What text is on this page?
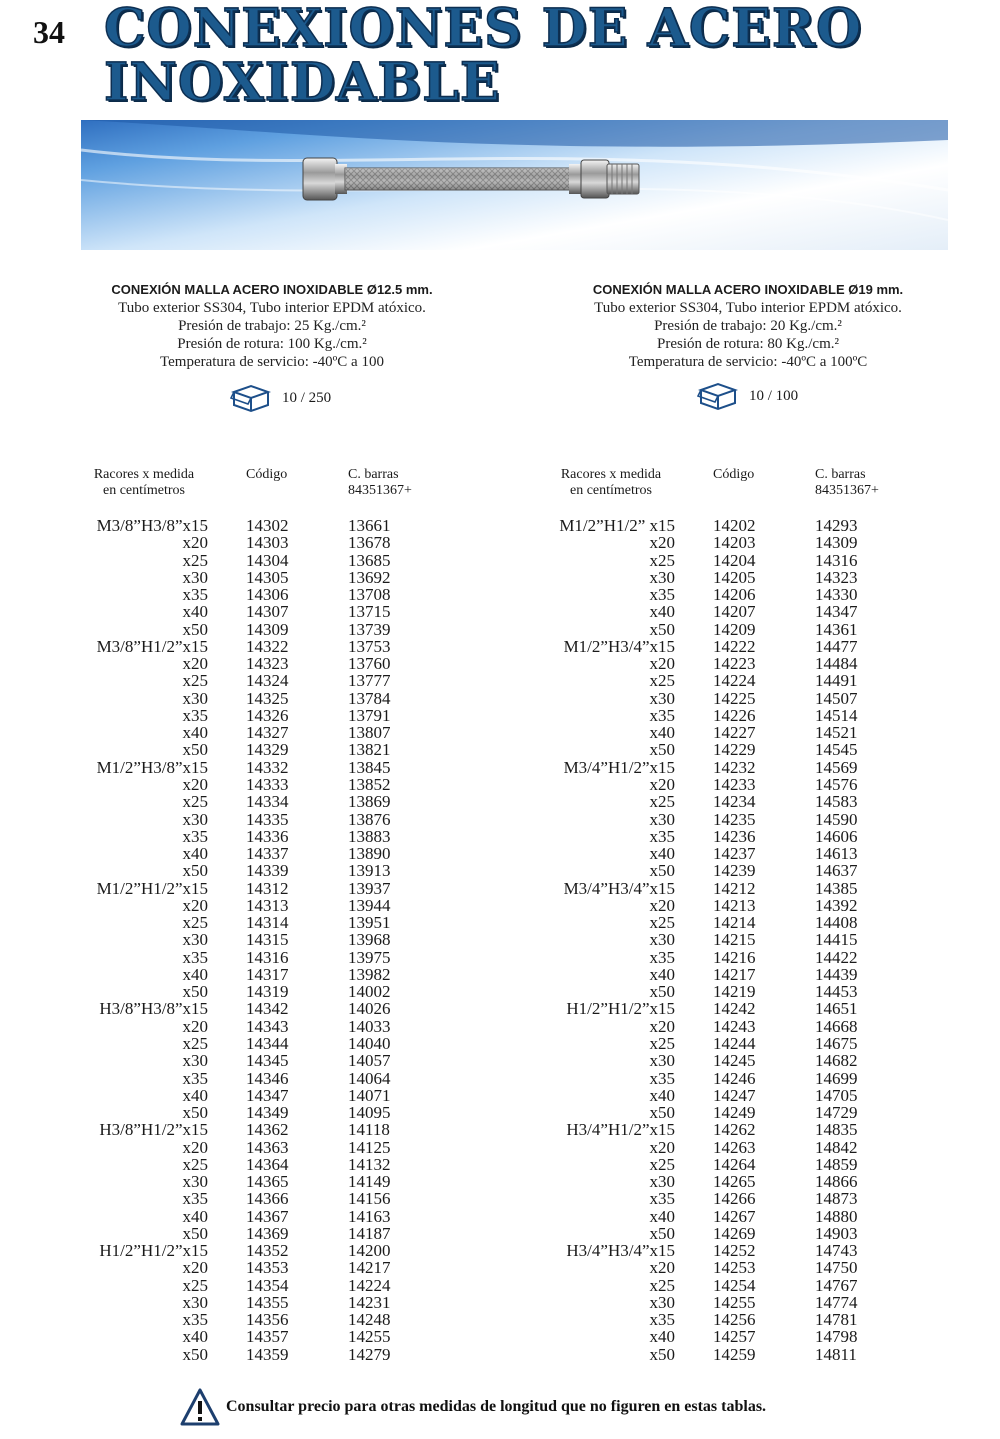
34 CONEXIONES DE ACERO
INOXIDABLE
CONEXIÓN MALLA ACERO INOXIDABLE Ø12.5 mm.
Tubo exterior SS304, Tubo interior EPDM atóxico.
Presión de trabajo: 25 Kg./cm.²
Presión de rotura: 100 Kg./cm.²
Temperatura de servicio: -40ºC a 100
CONEXIÓN MALLA ACERO INOXIDABLE Ø19 mm.
Tubo exterior SS304, Tubo interior EPDM atóxico.
Presión de trabajo: 20 Kg./cm.²
Presión de rotura: 80 Kg./cm.²
Temperatura de servicio: -40ºC a 100ºC
10 / 250	10 / 100
Racores x medida
en centímetros
Código	C. barras
84351367+
M3/8”H3/8”x15 14302	13661
x20 14303	13678
x25 14304	13685
x30 14305	13692
x35 14306	13708
x40 14307	13715
x50 14309	13739
M3/8”H1/2”x15 14322	13753
x20 14323	13760
x25 14324	13777
x30 14325	13784
x35 14326	13791
x40 14327	13807
x50 14329	13821
M1/2”H3/8”x15 14332	13845
x20 14333	13852
x25 14334	13869
x30 14335	13876
x35 14336	13883
x40 14337	13890
x50 14339	13913
M1/2”H1/2”x15 14312	13937
x20 14313	13944
x25 14314	13951
x30 14315	13968
x35 14316	13975
x40 14317	13982
x50 14319	14002
H3/8”H3/8”x15 14342	14026
x20 14343	14033
x25 14344	14040
x30 14345	14057
x35 14346	14064
x40 14347	14071
x50 14349	14095
H3/8”H1/2”x15 14362	14118
x20 14363	14125
x25 14364	14132
x30 14365	14149
x35 14366	14156
x40 14367	14163
x50 14369	14187
H1/2”H1/2”x15 14352	14200
x20 14353	14217
x25 14354	14224
x30 14355	14231
x35 14356	14248
x40 14357	14255
x50 14359	14279
Racores x medida
en centímetros
Código	C. barras
84351367+
M1/2”H1/2” x15 14202	14293
x20 14203	14309
x25 14204	14316
x30 14205	14323
x35 14206	14330
x40 14207	14347
x50 14209	14361
M1/2”H3/4”x15 14222	14477
x20 14223	14484
x25 14224	14491
x30 14225	14507
x35 14226	14514
x40 14227	14521
x50 14229	14545
M3/4”H1/2”x15 14232	14569
x20 14233	14576
x25 14234	14583
x30 14235	14590
x35 14236	14606
x40 14237	14613
x50 14239	14637
M3/4”H3/4”x15 14212	14385
x20 14213	14392
x25 14214	14408
x30 14215	14415
x35 14216	14422
x40 14217	14439
x50 14219	14453
H1/2”H1/2”x15 14242	14651
x20 14243	14668
x25 14244	14675
x30 14245	14682
x35 14246	14699
x40 14247	14705
x50 14249	14729
H3/4”H1/2”x15 14262	14835
x20 14263	14842
x25 14264	14859
x30 14265	14866
x35 14266	14873
x40 14267	14880
x50 14269	14903
H3/4”H3/4”x15 14252	14743
x20 14253	14750
x25 14254	14767
x30 14255	14774
x35 14256	14781
x40 14257	14798
x50 14259	14811
Consultar precio para otras medidas de longitud que no figuren en estas tablas.
